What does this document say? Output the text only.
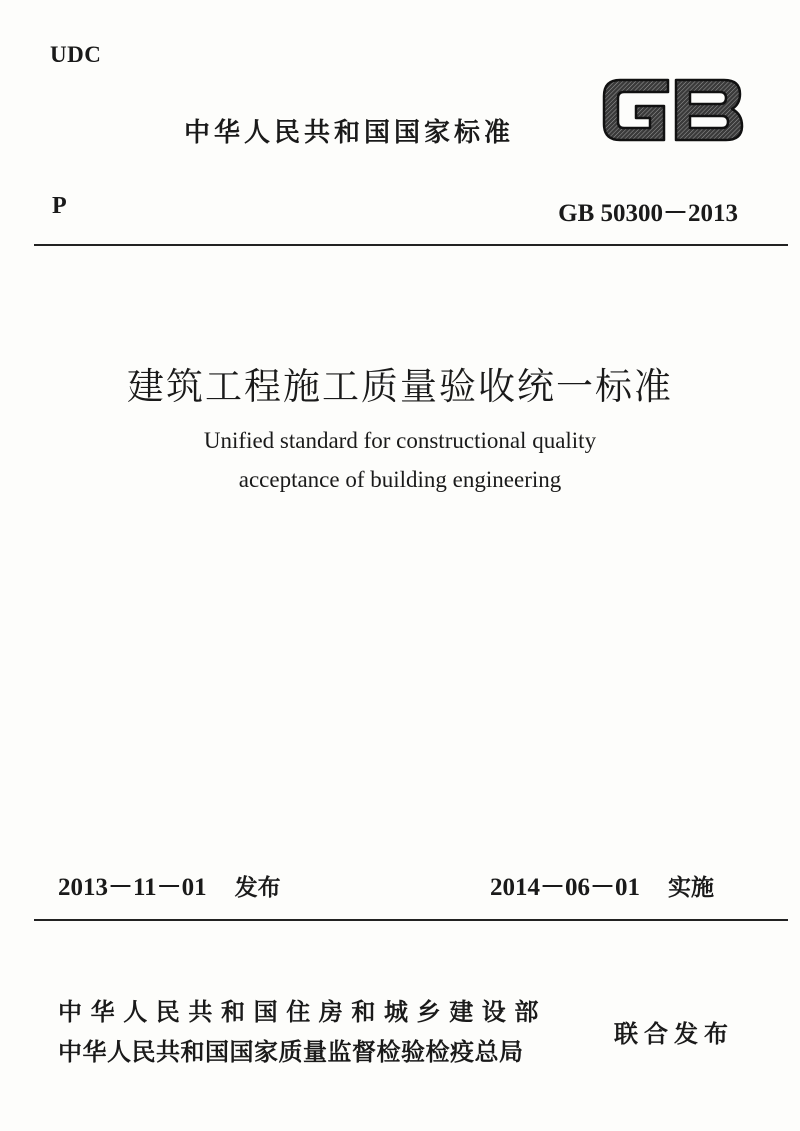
UDC
中华人民共和国国家标准
P	GB 50300－2013
建筑工程施工质量验收统一标准
Unified standard for constructional quality
acceptance of building engineering
2013－11－01 发布	2014－06－01 实施
中华人民共和国住房和城乡建设部
中华人民共和国国家质量监督检验检疫总局
联合发布
